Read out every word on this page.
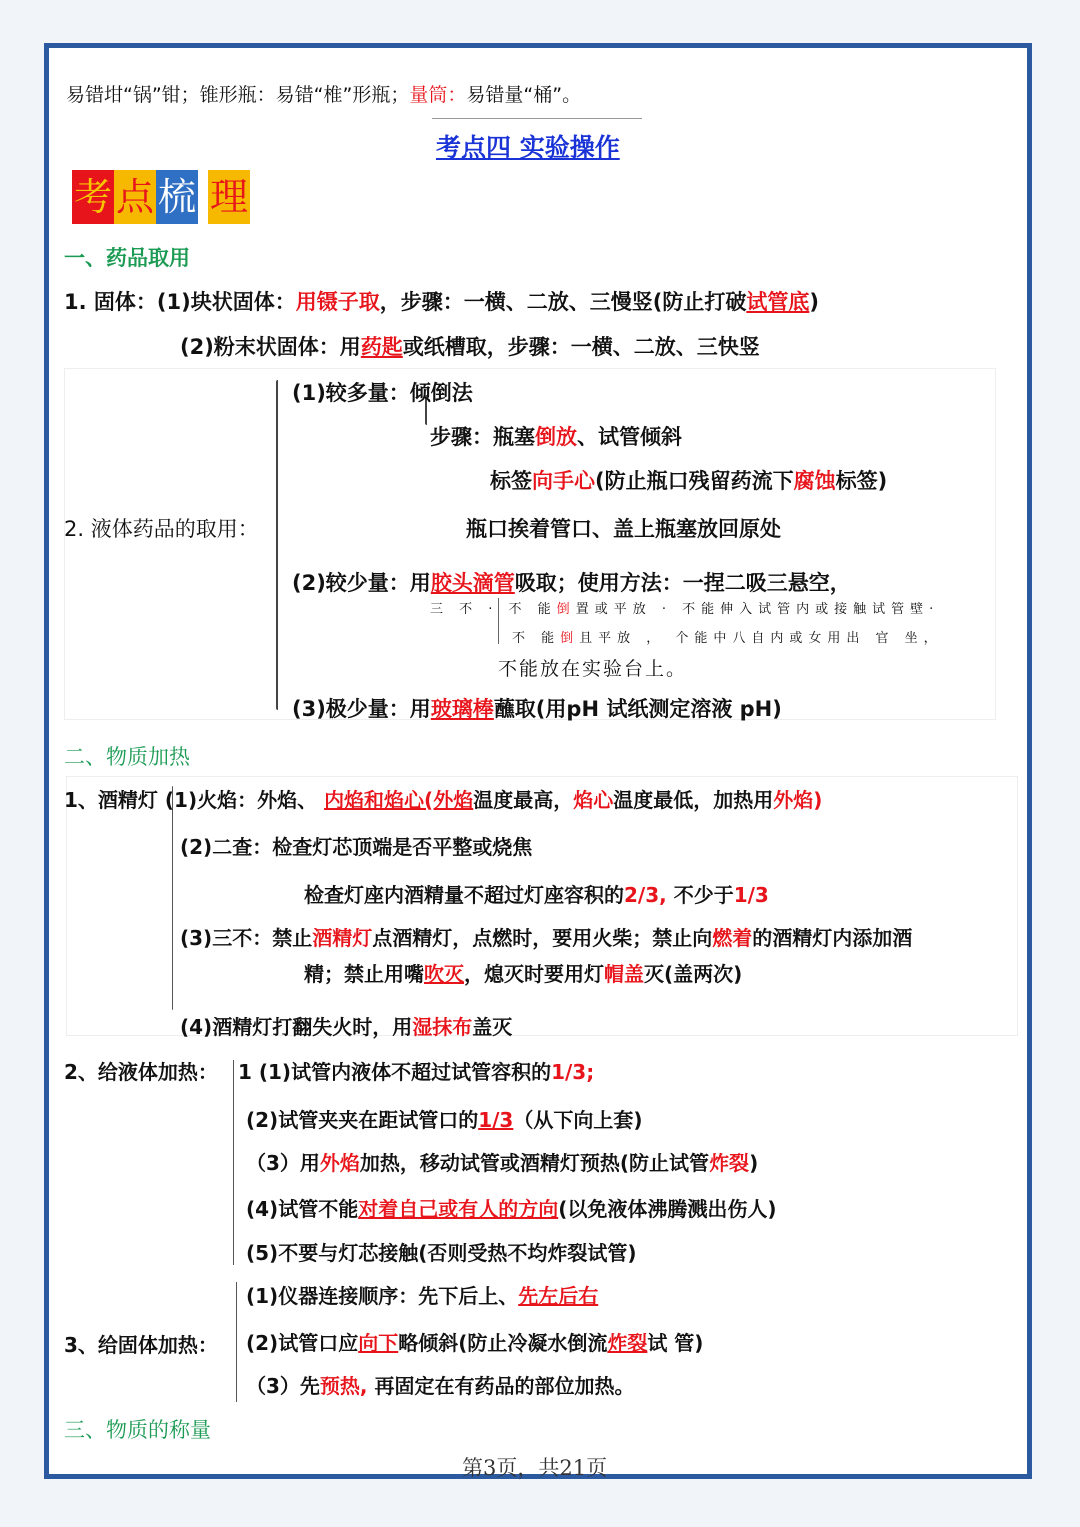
易错坩“锅”钳；锥形瓶：易错“椎”形瓶；量筒：易错量“桶”。
考点四 实验操作
考 点 梳 理
一、药品取用
1. 固体：(1)块状固体：用镊子取，步骤：一横、二放、三慢竖(防止打破试管底)
(2)粉末状固体：用药匙或纸槽取，步骤：一横、二放、三快竖
2. 液体药品的取用：
(1)较多量：倾倒法
步骤：瓶塞倒放、试管倾斜
标签向手心(防止瓶口残留药流下腐蚀标签)
瓶口挨着管口、盖上瓶塞放回原处
(2)较少量：用胶头滴管吸取；使用方法：一捏二吸三悬空，
三 不 · 不 能倒置或平放 · 不能伸入试管内或接触试管壁·
不 能倒且平放 ， 个能中八自内或女用出 官 坐，
不能放在实验台上。
(3)极少量：用玻璃棒蘸取(用pH 试纸测定溶液 pH)
二、物质加热
1、酒精灯 (1)火焰：外焰、 内焰和焰心(外焰温度最高，焰心温度最低，加热用外焰)
(2)二查：检查灯芯顶端是否平整或烧焦
检查灯座内酒精量不超过灯座容积的2/3, 不少于1/3
(3)三不：禁止酒精灯点酒精灯，点燃时，要用火柴；禁止向燃着的酒精灯内添加酒
精；禁止用嘴吹灭，熄灭时要用灯帽盖灭(盖两次)
(4)酒精灯打翻失火时，用湿抹布盖灭
2、给液体加热： 1 (1)试管内液体不超过试管容积的1/3;
(2)试管夹夹在距试管口的1/3（从下向上套)
（3）用外焰加热，移动试管或酒精灯预热(防止试管炸裂)
(4)试管不能对着自己或有人的方向(以免液体沸腾溅出伤人)
(5)不要与灯芯接触(否则受热不均炸裂试管)
3、给固体加热：
(1)仪器连接顺序：先下后上、先左后右
(2)试管口应向下略倾斜(防止冷凝水倒流炸裂试 管)
（3）先预热, 再固定在有药品的部位加热。
三、物质的称量
第3页，共21页
